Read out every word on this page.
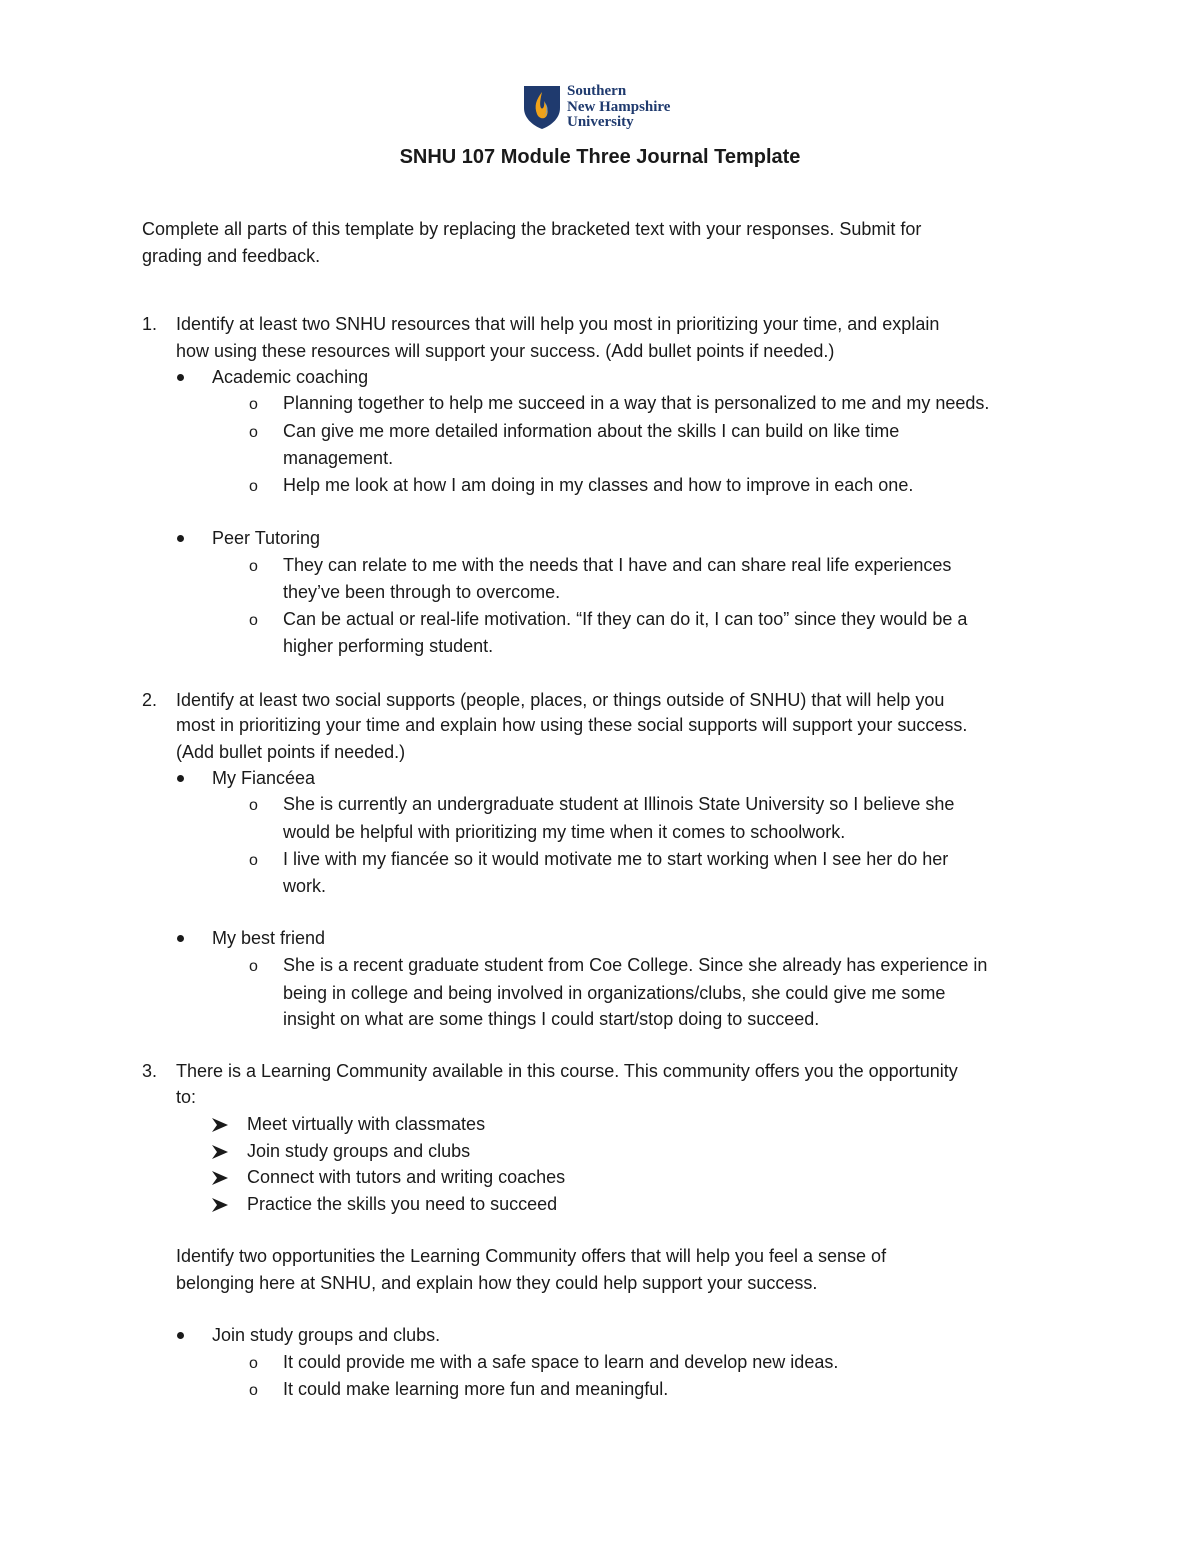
Southern
New Hampshire
University
SNHU 107 Module Three Journal Template

Complete all parts of this template by replacing the bracketed text with your responses. Submit for

grading and feedback.

1. Identify at least two SNHU resources that will help you most in prioritizing your time, and explain

how using these resources will support your success. (Add bullet points if needed.)

Academic coaching

o Planning together to help me succeed in a way that is personalized to me and my needs.

o Can give me more detailed information about the skills I can build on like time

management.

o Help me look at how I am doing in my classes and how to improve in each one.

Peer Tutoring

o They can relate to me with the needs that I have and can share real life experiences

they’ve been through to overcome.

o Can be actual or real-life motivation. “If they can do it, I can too” since they would be a

higher performing student.

2. Identify at least two social supports (people, places, or things outside of SNHU) that will help you

most in prioritizing your time and explain how using these social supports will support your success.

(Add bullet points if needed.)

My Fiancéea

o She is currently an undergraduate student at Illinois State University so I believe she

would be helpful with prioritizing my time when it comes to schoolwork.

o I live with my fiancée so it would motivate me to start working when I see her do her

work.

My best friend

o She is a recent graduate student from Coe College. Since she already has experience in

being in college and being involved in organizations/clubs, she could give me some

insight on what are some things I could start/stop doing to succeed.

3. There is a Learning Community available in this course. This community offers you the opportunity

to:

Meet virtually with classmates

Join study groups and clubs

Connect with tutors and writing coaches

Practice the skills you need to succeed

Identify two opportunities the Learning Community offers that will help you feel a sense of

belonging here at SNHU, and explain how they could help support your success.

Join study groups and clubs.

o It could provide me with a safe space to learn and develop new ideas.

o It could make learning more fun and meaningful.
